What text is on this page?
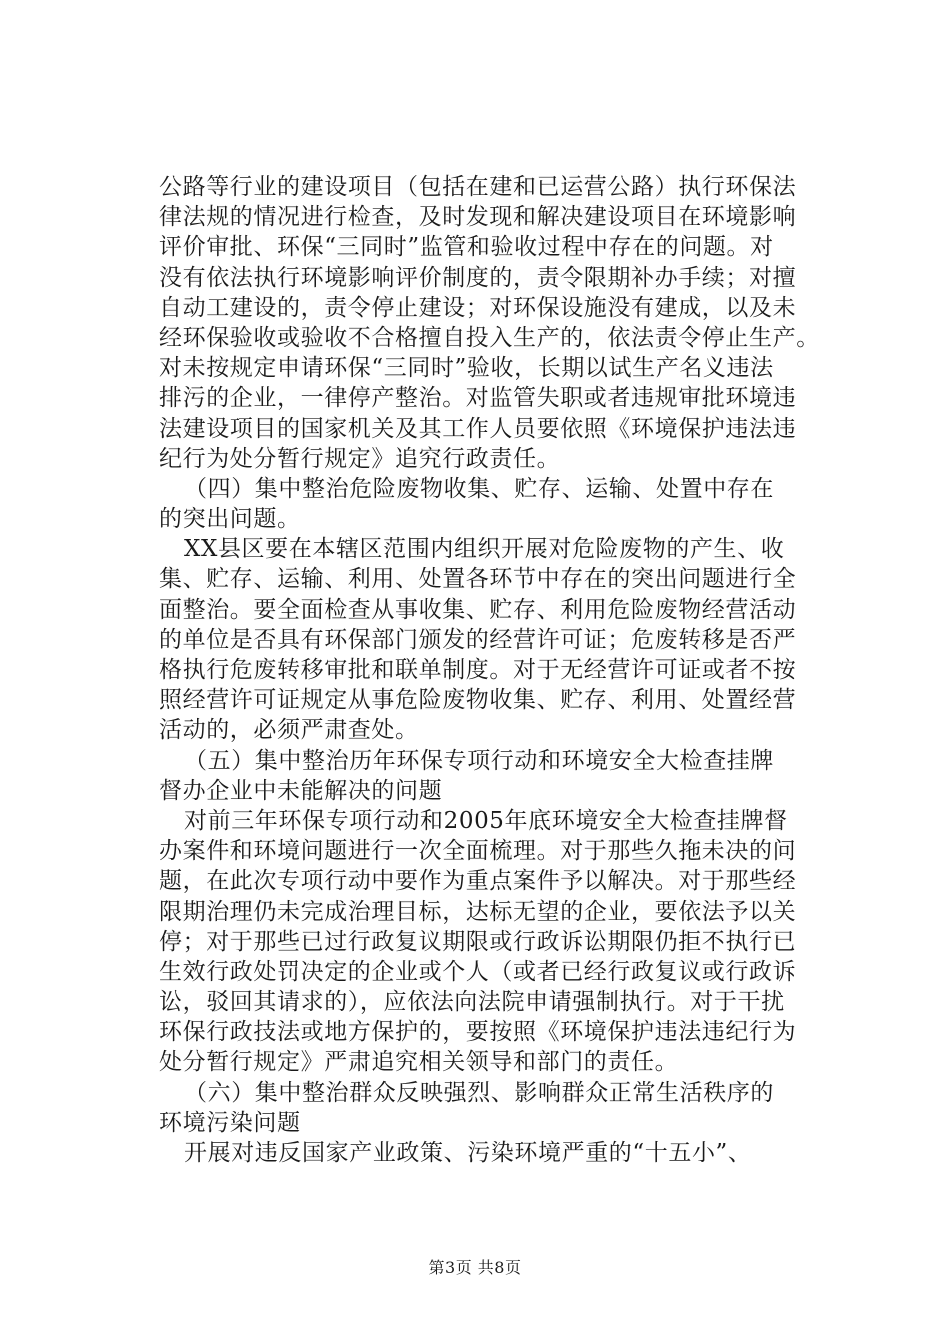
公路等行业的建设项目（包括在建和已运营公路）执行环保法
律法规的情况进行检查，及时发现和解决建设项目在环境影响
评价审批、环保“三同时”监管和验收过程中存在的问题。对
没有依法执行环境影响评价制度的，责令限期补办手续；对擅
自动工建设的，责令停止建设；对环保设施没有建成，以及未
经环保验收或验收不合格擅自投入生产的，依法责令停止生产。
对未按规定申请环保“三同时”验收，长期以试生产名义违法
排污的企业，一律停产整治。对监管失职或者违规审批环境违
法建设项目的国家机关及其工作人员要依照《环境保护违法违
纪行为处分暂行规定》追究行政责任。
（四）集中整治危险废物收集、贮存、运输、处置中存在
的突出问题。
XX县区要在本辖区范围内组织开展对危险废物的产生、收
集、贮存、运输、利用、处置各环节中存在的突出问题进行全
面整治。要全面检查从事收集、贮存、利用危险废物经营活动
的单位是否具有环保部门颁发的经营许可证；危废转移是否严
格执行危废转移审批和联单制度。对于无经营许可证或者不按
照经营许可证规定从事危险废物收集、贮存、利用、处置经营
活动的，必须严肃查处。
（五）集中整治历年环保专项行动和环境安全大检查挂牌
督办企业中未能解决的问题
对前三年环保专项行动和2005年底环境安全大检查挂牌督
办案件和环境问题进行一次全面梳理。对于那些久拖未决的问
题，在此次专项行动中要作为重点案件予以解决。对于那些经
限期治理仍未完成治理目标，达标无望的企业，要依法予以关
停；对于那些已过行政复议期限或行政诉讼期限仍拒不执行已
生效行政处罚决定的企业或个人（或者已经行政复议或行政诉
讼，驳回其请求的），应依法向法院申请强制执行。对于干扰
环保行政技法或地方保护的，要按照《环境保护违法违纪行为
处分暂行规定》严肃追究相关领导和部门的责任。
（六）集中整治群众反映强烈、影响群众正常生活秩序的
环境污染问题
开展对违反国家产业政策、污染环境严重的“十五小”、
第3页 共8页
